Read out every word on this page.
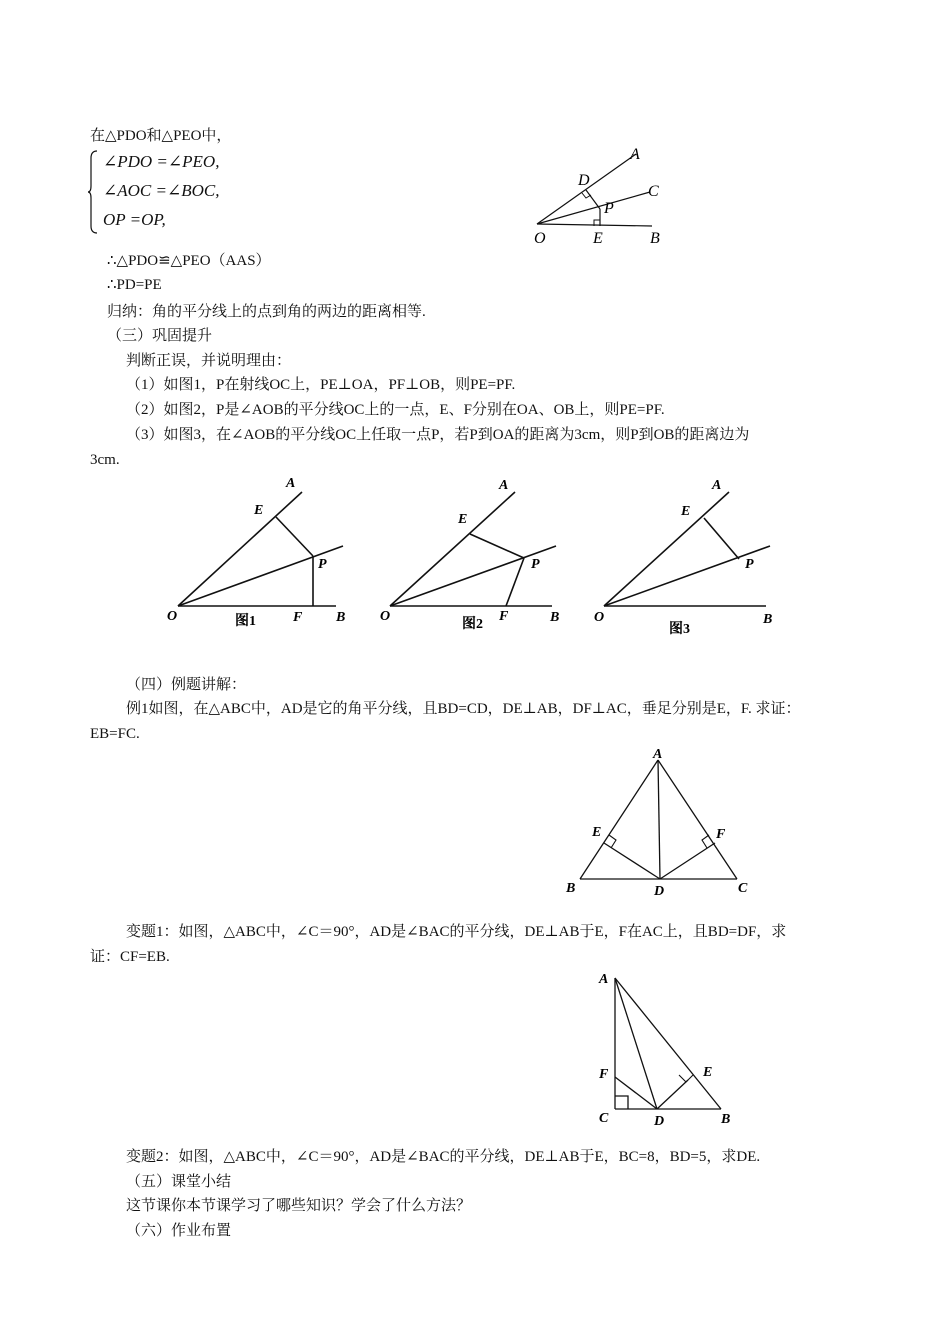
在△PDO和△PEO中，
∠PDO =∠PEO,
∠AOC =∠BOC,
OP =OP,
O	E	B
D
A
C
P
∴△PDO≌△PEO（AAS）
∴PD=PE
归纳：角的平分线上的点到角的两边的距离相等.
（三）巩固提升
判断正误，并说明理由：
（1）如图1，P在射线OC上，PE⊥OA，PF⊥OB，则PE=PF.
（2）如图2，P是∠AOB的平分线OC上的一点，E、F分别在OA、OB上，则PE=PF.
（3）如图3，在∠AOB的平分线OC上任取一点P，若P到OA的距离为3cm，则P到OB的距离边为
3cm.
A
E
P
O	F B
图1
A
E
P
O	F	B
图2
A
E
P
O	B
图3
（四）例题讲解：
例1如图，在△ABC中，AD是它的角平分线，且BD=CD，DE⊥AB，DF⊥AC，垂足分别是E，F. 求证：
EB=FC.
A
E	F
B	D	C
变题1：如图，△ABC中，∠C＝90°，AD是∠BAC的平分线，DE⊥AB于E，F在AC上，且BD=DF，求
证：CF=EB.
A
F	E
C	D	B
变题2：如图，△ABC中，∠C＝90°，AD是∠BAC的平分线，DE⊥AB于E，BC=8，BD=5，求DE.
（五）课堂小结
这节课你本节课学习了哪些知识？学会了什么方法？
（六）作业布置
